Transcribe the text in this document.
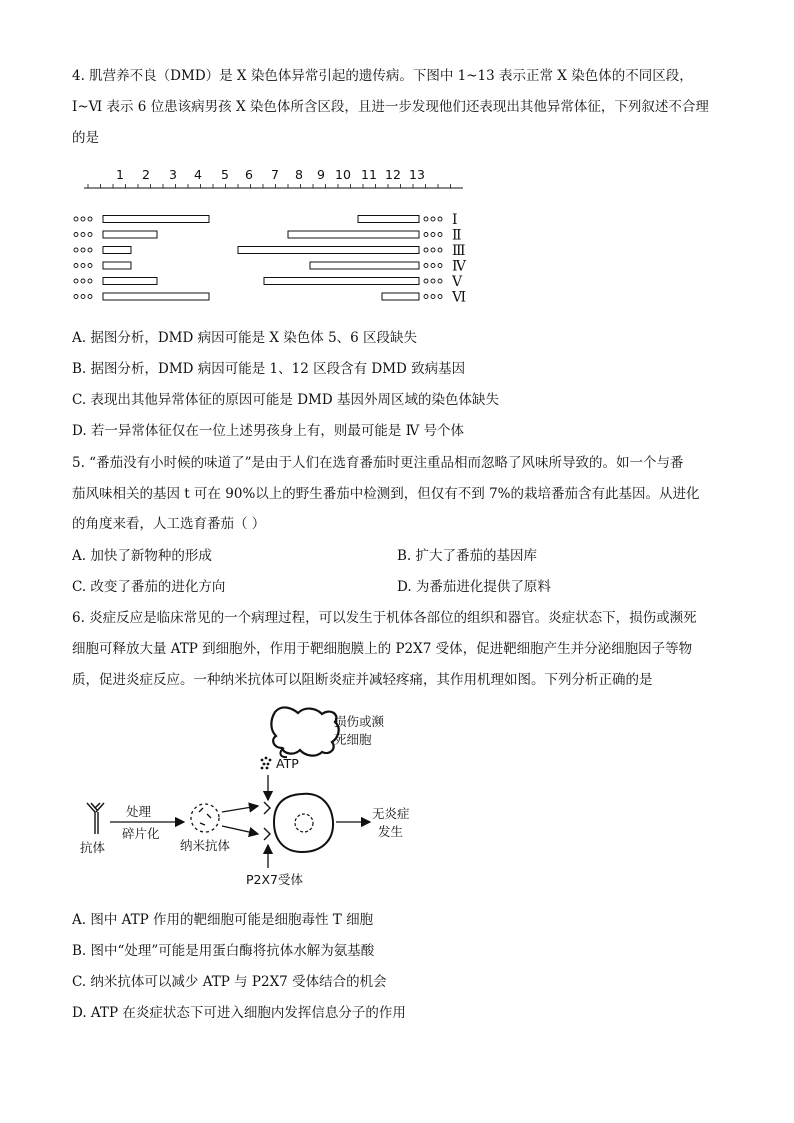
4. 肌营养不良（DMD）是 X 染色体异常引起的遗传病。下图中 1~13 表示正常 X 染色体的不同区段，
Ⅰ~Ⅵ 表示 6 位患该病男孩 X 染色体所含区段，且进一步发现他们还表现出其他异常体征，下列叙述不合理
的是
1 2 3 4 5 6 7 8 9 10 11 12 13
Ⅰ
Ⅱ
Ⅲ
Ⅳ
Ⅴ
Ⅵ
A. 据图分析，DMD 病因可能是 X 染色体 5、6 区段缺失
B. 据图分析，DMD 病因可能是 1、12 区段含有 DMD 致病基因
C. 表现出其他异常体征的原因可能是 DMD 基因外周区域的染色体缺失
D. 若一异常体征仅在一位上述男孩身上有，则最可能是 Ⅳ 号个体
5. “番茄没有小时候的味道了”是由于人们在选育番茄时更注重品相而忽略了风味所导致的。如一个与番
茄风味相关的基因 t 可在 90%以上的野生番茄中检测到，但仅有不到 7%的栽培番茄含有此基因。从进化
的角度来看，人工选育番茄（ ）
A. 加快了新物种的形成	B. 扩大了番茄的基因库
C. 改变了番茄的进化方向	D. 为番茄进化提供了原料
6. 炎症反应是临床常见的一个病理过程，可以发生于机体各部位的组织和器官。炎症状态下，损伤或濒死
细胞可释放大量 ATP 到细胞外，作用于靶细胞膜上的 P2X7 受体，促进靶细胞产生并分泌细胞因子等物
质，促进炎症反应。一种纳米抗体可以阻断炎症并减轻疼痛，其作用机理如图。下列分析正确的是
损伤或濒
死细胞
ATP
抗体
处理
碎片化
纳米抗体
P2X7受体
无炎症
发生
A. 图中 ATP 作用的靶细胞可能是细胞毒性 T 细胞
B. 图中“处理”可能是用蛋白酶将抗体水解为氨基酸
C. 纳米抗体可以减少 ATP 与 P2X7 受体结合的机会
D. ATP 在炎症状态下可进入细胞内发挥信息分子的作用
